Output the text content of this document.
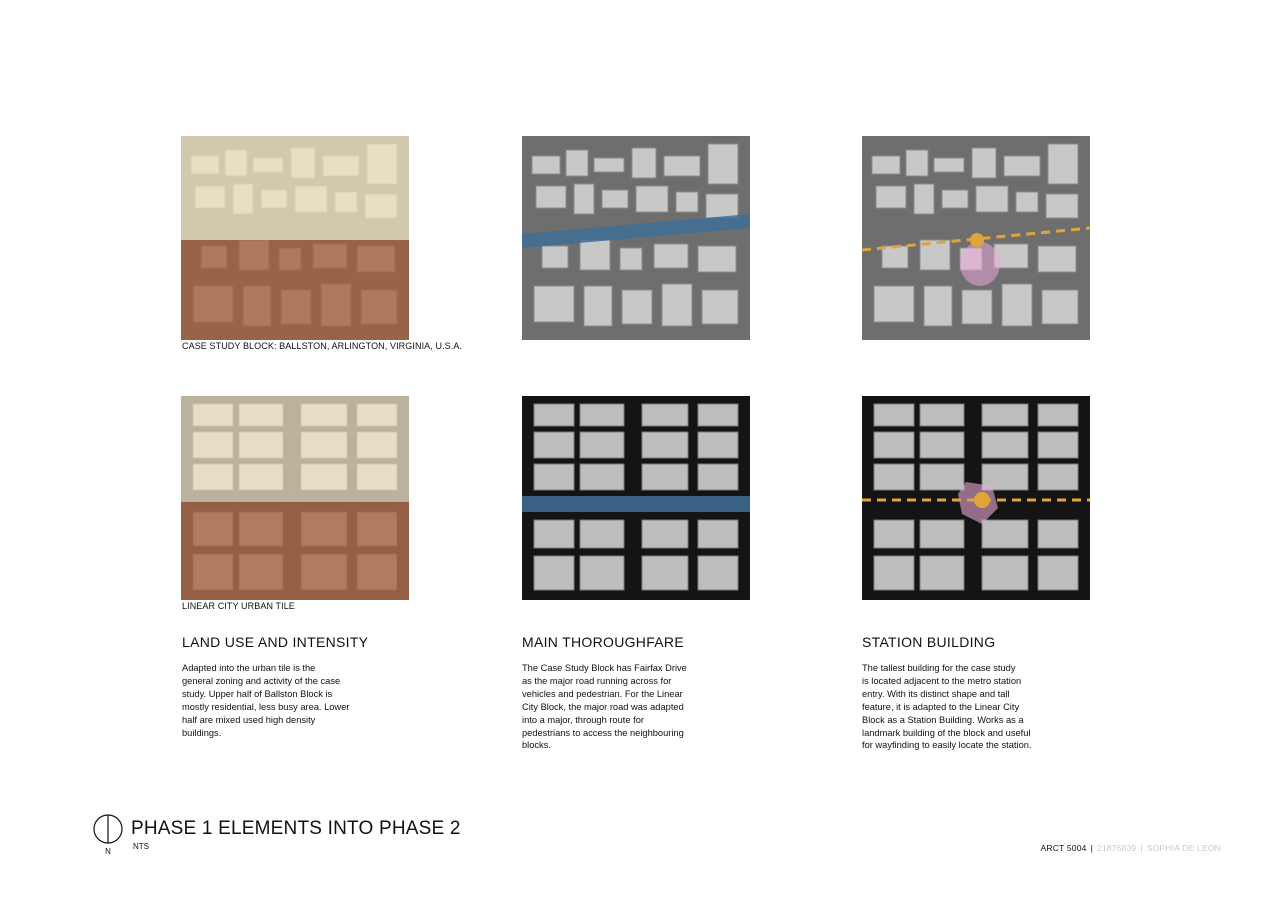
CASE STUDY BLOCK: BALLSTON, ARLINGTON, VIRGINIA, U.S.A.
LINEAR CITY URBAN TILE
LAND USE AND INTENSITY
Adapted into the urban tile is the
general zoning and activity of the case
study. Upper half of Ballston Block is
mostly residential, less busy area. Lower
half are mixed used high density
buildings.
MAIN THOROUGHFARE
The Case Study Block has Fairfax Drive
as the major road running across for
vehicles and pedestrian. For the Linear
City Block, the major road was adapted
into a major, through route for
pedestrians to access the neighbouring
blocks.
STATION BUILDING
The tallest building for the case study
is located adjacent to the metro station
entry. With its distinct shape and tall
feature, it is adapted to the Linear City
Block as a Station Building. Works as a
landmark building of the block and useful
for wayfinding to easily locate the station.
N
PHASE 1 ELEMENTS INTO PHASE 2
NTS	ARCT 5004 | 21876839 | SOPHIA DE LEON
